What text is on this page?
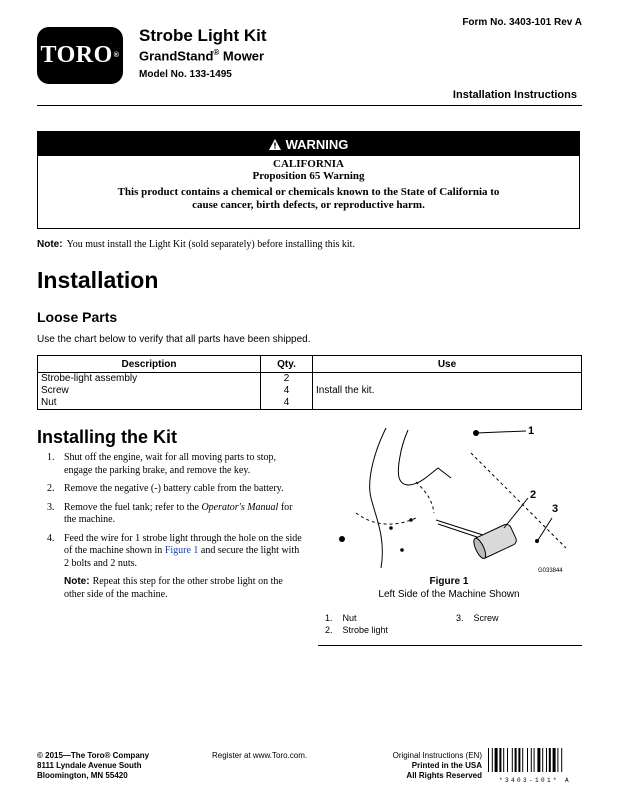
TORO ®
Strobe Light Kit
GrandStand® Mower
Model No. 133-1495
Form No. 3403-101 Rev A
Installation Instructions
WARNING
CALIFORNIA
Proposition 65 Warning
This product contains a chemical or chemicals known to the State of California to
cause cancer, birth defects, or reproductive harm.
Note: You must install the Light Kit (sold separately) before installing this kit.
Installation
Loose Parts
Use the chart below to verify that all parts have been shipped.
Description	Qty.	Use
Strobe-light assembly	2	Install the kit.
Screw	4	
Nut	4	
Installing the Kit
1. Shut off the engine, wait for all moving parts to stop, engage the parking brake, and remove the key.
2. Remove the negative (-) battery cable from the battery.
3. Remove the fuel tank; refer to the Operator's Manual for the machine.
4. Feed the wire for 1 strobe light through the hole on the side of the machine shown in Figure 1 and secure the light with 2 bolts and 2 nuts.
Note: Repeat this step for the other strobe light on the other side of the machine.
1
2
3
G033844
Figure 1
Left Side of the Machine Shown
1. Nut
2. Strobe light
3. Screw
© 2015—The Toro® Company
8111 Lyndale Avenue South
Bloomington, MN 55420
Register at www.Toro.com.	Original Instructions (EN)
Printed in the USA
All Rights Reserved
*3403-101* A
